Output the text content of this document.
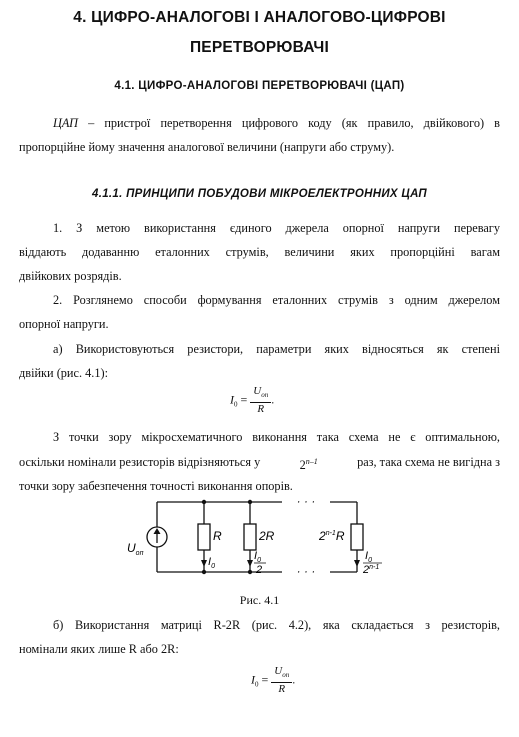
4. ЦИФРО-АНАЛОГОВІ І АНАЛОГОВО-ЦИФРОВІ
ПЕРЕТВОРЮВАЧІ
4.1. ЦИФРО-АНАЛОГОВІ ПЕРЕТВОРЮВАЧІ (ЦАП)
ЦАП – пристрої перетворення цифрового коду (як правило, двійкового) в
пропорційне йому значення аналогової величини (напруги або струму).
4.1.1. ПРИНЦИПИ ПОБУДОВИ МІКРОЕЛЕКТРОННИХ ЦАП
1. З метою використання єдиного джерела опорної напруги перевагу
віддають додаванню еталонних струмів, величини яких пропорційні вагам
двійкових розрядів.
2. Розглянемо способи формування еталонних струмів з одним джерелом
опорної напруги.
а) Використовуються резистори, параметри яких відносяться як степені
двійки (рис. 4.1):
$I_0 = \frac{U_{оп}}{R}$ .
З точки зору мікросхематичного виконання така схема не є оптимальною,
оскільки номінали резисторів відрізняються у	2$^{n-1}$	раз, така схема не вигідна з
точки зору забезпечення точності виконання опорів.
· · ·
· · ·
$U_{оп}$
R	2R	2$^{n-1}$R
$I_0$
$I_0$
2
$I_0$
2$^{n-1}$
Рис. 4.1
б) Використання матриці R-2R (рис. 4.2), яка складається з резисторів,
номінали яких лише R або 2R:
$I_0 = \frac{U_{оп}}{R}$ .
